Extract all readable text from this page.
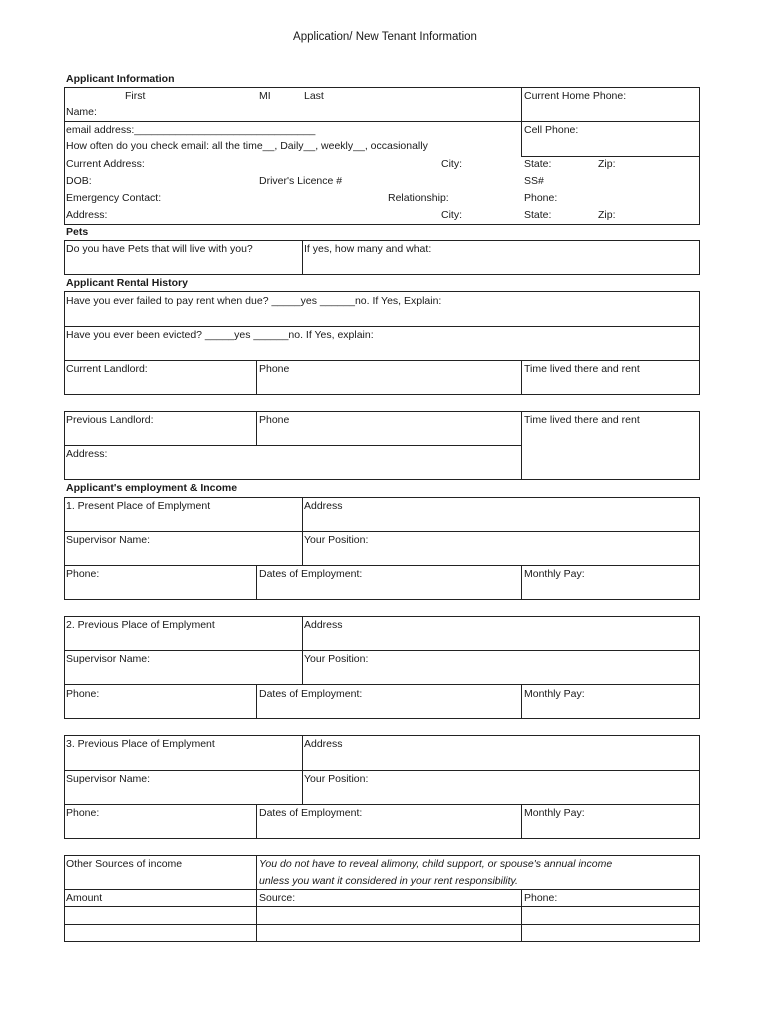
Application/ New Tenant Information
Applicant Information
First	MI	Last
Name:
Current Home Phone:
email address:_______________________________	Cell Phone:
How often do you check email: all the time__, Daily__, weekly__, occasionally
Current Address:	City:	State:	Zip:
DOB:	Driver's Licence #	SS#
Emergency Contact:	Relationship:	Phone:
Address:	City:	State:	Zip:
Pets
Do you have Pets that will live with you?	If yes, how many and what:
Applicant Rental History
Have you ever failed to pay rent when due? _____yes ______no. If Yes, Explain:
Have you ever been evicted? _____yes ______no. If Yes, explain:
Current Landlord:	Phone	Time lived there and rent
Previous Landlord:	Phone	Time lived there and rent
Address:
Applicant's employment & Income
1. Present Place of Emplyment	Address
Supervisor Name:	Your Position:
Phone:	Dates of Employment:	Monthly Pay:
2. Previous Place of Emplyment	Address
Supervisor Name:	Your Position:
Phone:	Dates of Employment:	Monthly Pay:
3. Previous Place of Emplyment	Address
Supervisor Name:	Your Position:
Phone:	Dates of Employment:	Monthly Pay:
Other Sources of income	You do not have to reveal alimony, child support, or spouse's annual income
unless you want it considered in your rent responsibility.
Amount	Source:	Phone:
